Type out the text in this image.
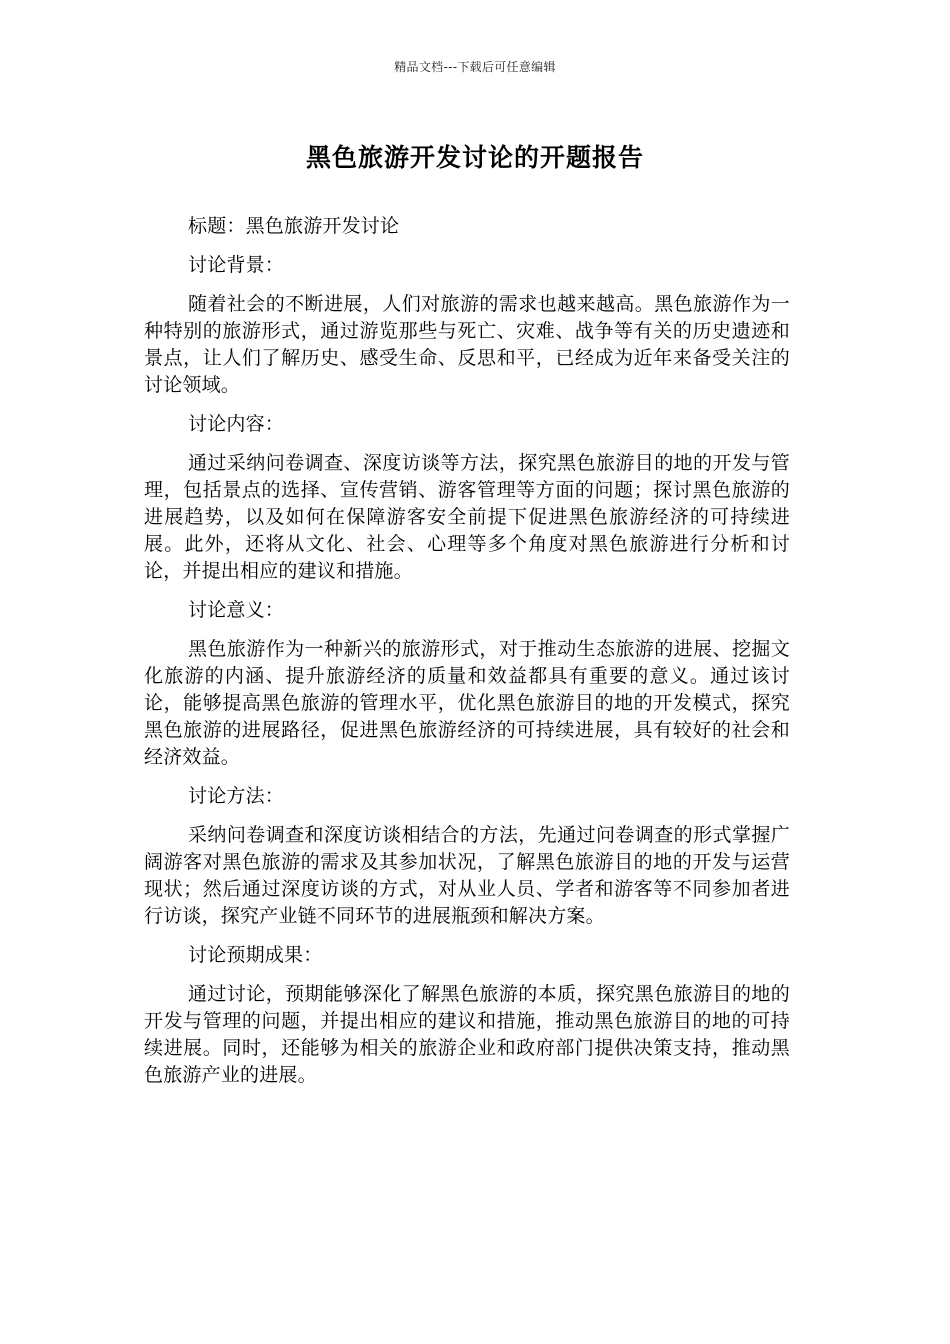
精品文档---下载后可任意编辑
黑色旅游开发讨论的开题报告

标题：黑色旅游开发讨论

讨论背景：

随着社会的不断进展，人们对旅游的需求也越来越高。黑色旅游作为一种特别的旅游形式，通过游览那些与死亡、灾难、战争等有关的历史遗迹和景点，让人们了解历史、感受生命、反思和平，已经成为近年来备受关注的讨论领域。

讨论内容：

通过采纳问卷调查、深度访谈等方法，探究黑色旅游目的地的开发与管理，包括景点的选择、宣传营销、游客管理等方面的问题；探讨黑色旅游的进展趋势，以及如何在保障游客安全前提下促进黑色旅游经济的可持续进展。此外，还将从文化、社会、心理等多个角度对黑色旅游进行分析和讨论，并提出相应的建议和措施。

讨论意义：

黑色旅游作为一种新兴的旅游形式，对于推动生态旅游的进展、挖掘文化旅游的内涵、提升旅游经济的质量和效益都具有重要的意义。通过该讨论，能够提高黑色旅游的管理水平，优化黑色旅游目的地的开发模式，探究黑色旅游的进展路径，促进黑色旅游经济的可持续进展，具有较好的社会和经济效益。

讨论方法：

采纳问卷调查和深度访谈相结合的方法，先通过问卷调查的形式掌握广阔游客对黑色旅游的需求及其参加状况，了解黑色旅游目的地的开发与运营现状；然后通过深度访谈的方式，对从业人员、学者和游客等不同参加者进行访谈，探究产业链不同环节的进展瓶颈和解决方案。

讨论预期成果：

通过讨论，预期能够深化了解黑色旅游的本质，探究黑色旅游目的地的开发与管理的问题，并提出相应的建议和措施，推动黑色旅游目的地的可持续进展。同时，还能够为相关的旅游企业和政府部门提供决策支持，推动黑色旅游产业的进展。
